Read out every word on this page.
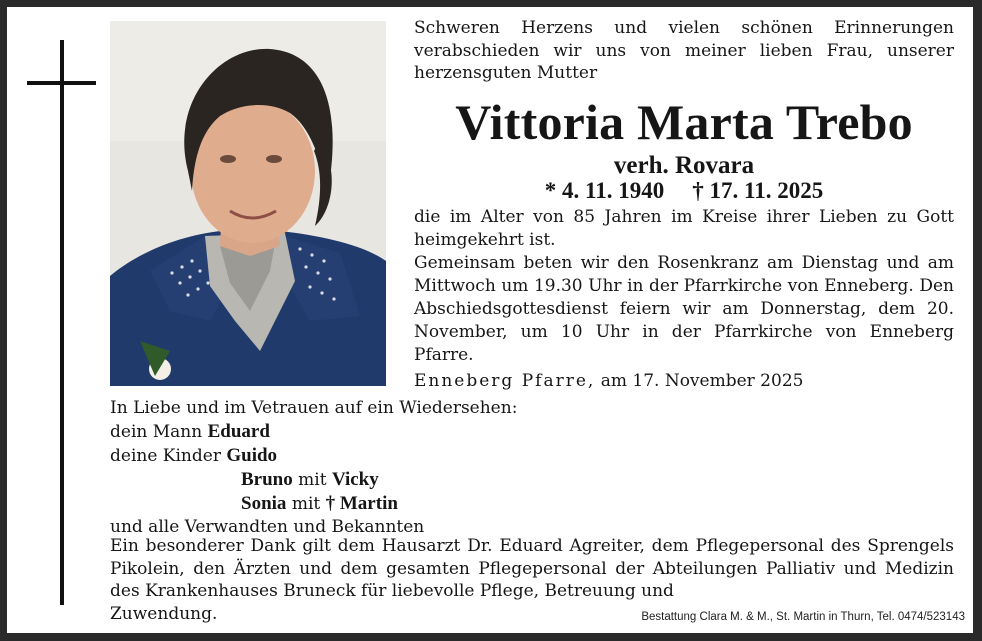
Schweren Herzens und vielen schönen Erinnerungen verabschieden wir uns von meiner lieben Frau, unserer herzensguten Mutter
Vittoria Marta Trebo
verh. Rovara
* 4. 11. 1940 † 17. 11. 2025

die im Alter von 85 Jahren im Kreise ihrer Lieben zu Gott heimgekehrt ist.

Gemeinsam beten wir den Rosenkranz am Dienstag und am Mittwoch um 19.30 Uhr in der Pfarrkirche von Enneberg. Den Abschiedsgottesdienst feiern wir am Donnerstag, dem 20. November, um 10 Uhr in der Pfarrkirche von Enneberg Pfarre.

Enneberg Pfarre, am 17. November 2025
In Liebe und im Vetrauen auf ein Wiedersehen:
dein Mann Eduard
deine Kinder Guido
Bruno mit Vicky
Sonia mit † Martin
und alle Verwandten und Bekannten
Ein besonderer Dank gilt dem Hausarzt Dr. Eduard Agreiter, dem Pflegepersonal des Sprengels Pikolein, den Ärzten und dem gesamten Pflegepersonal der Abteilungen Palliativ und Medizin des Krankenhauses Bruneck für liebevolle Pflege, Betreuung und
Zuwendung.	Bestattung Clara M. & M., St. Martin in Thurn, Tel. 0474/523143
